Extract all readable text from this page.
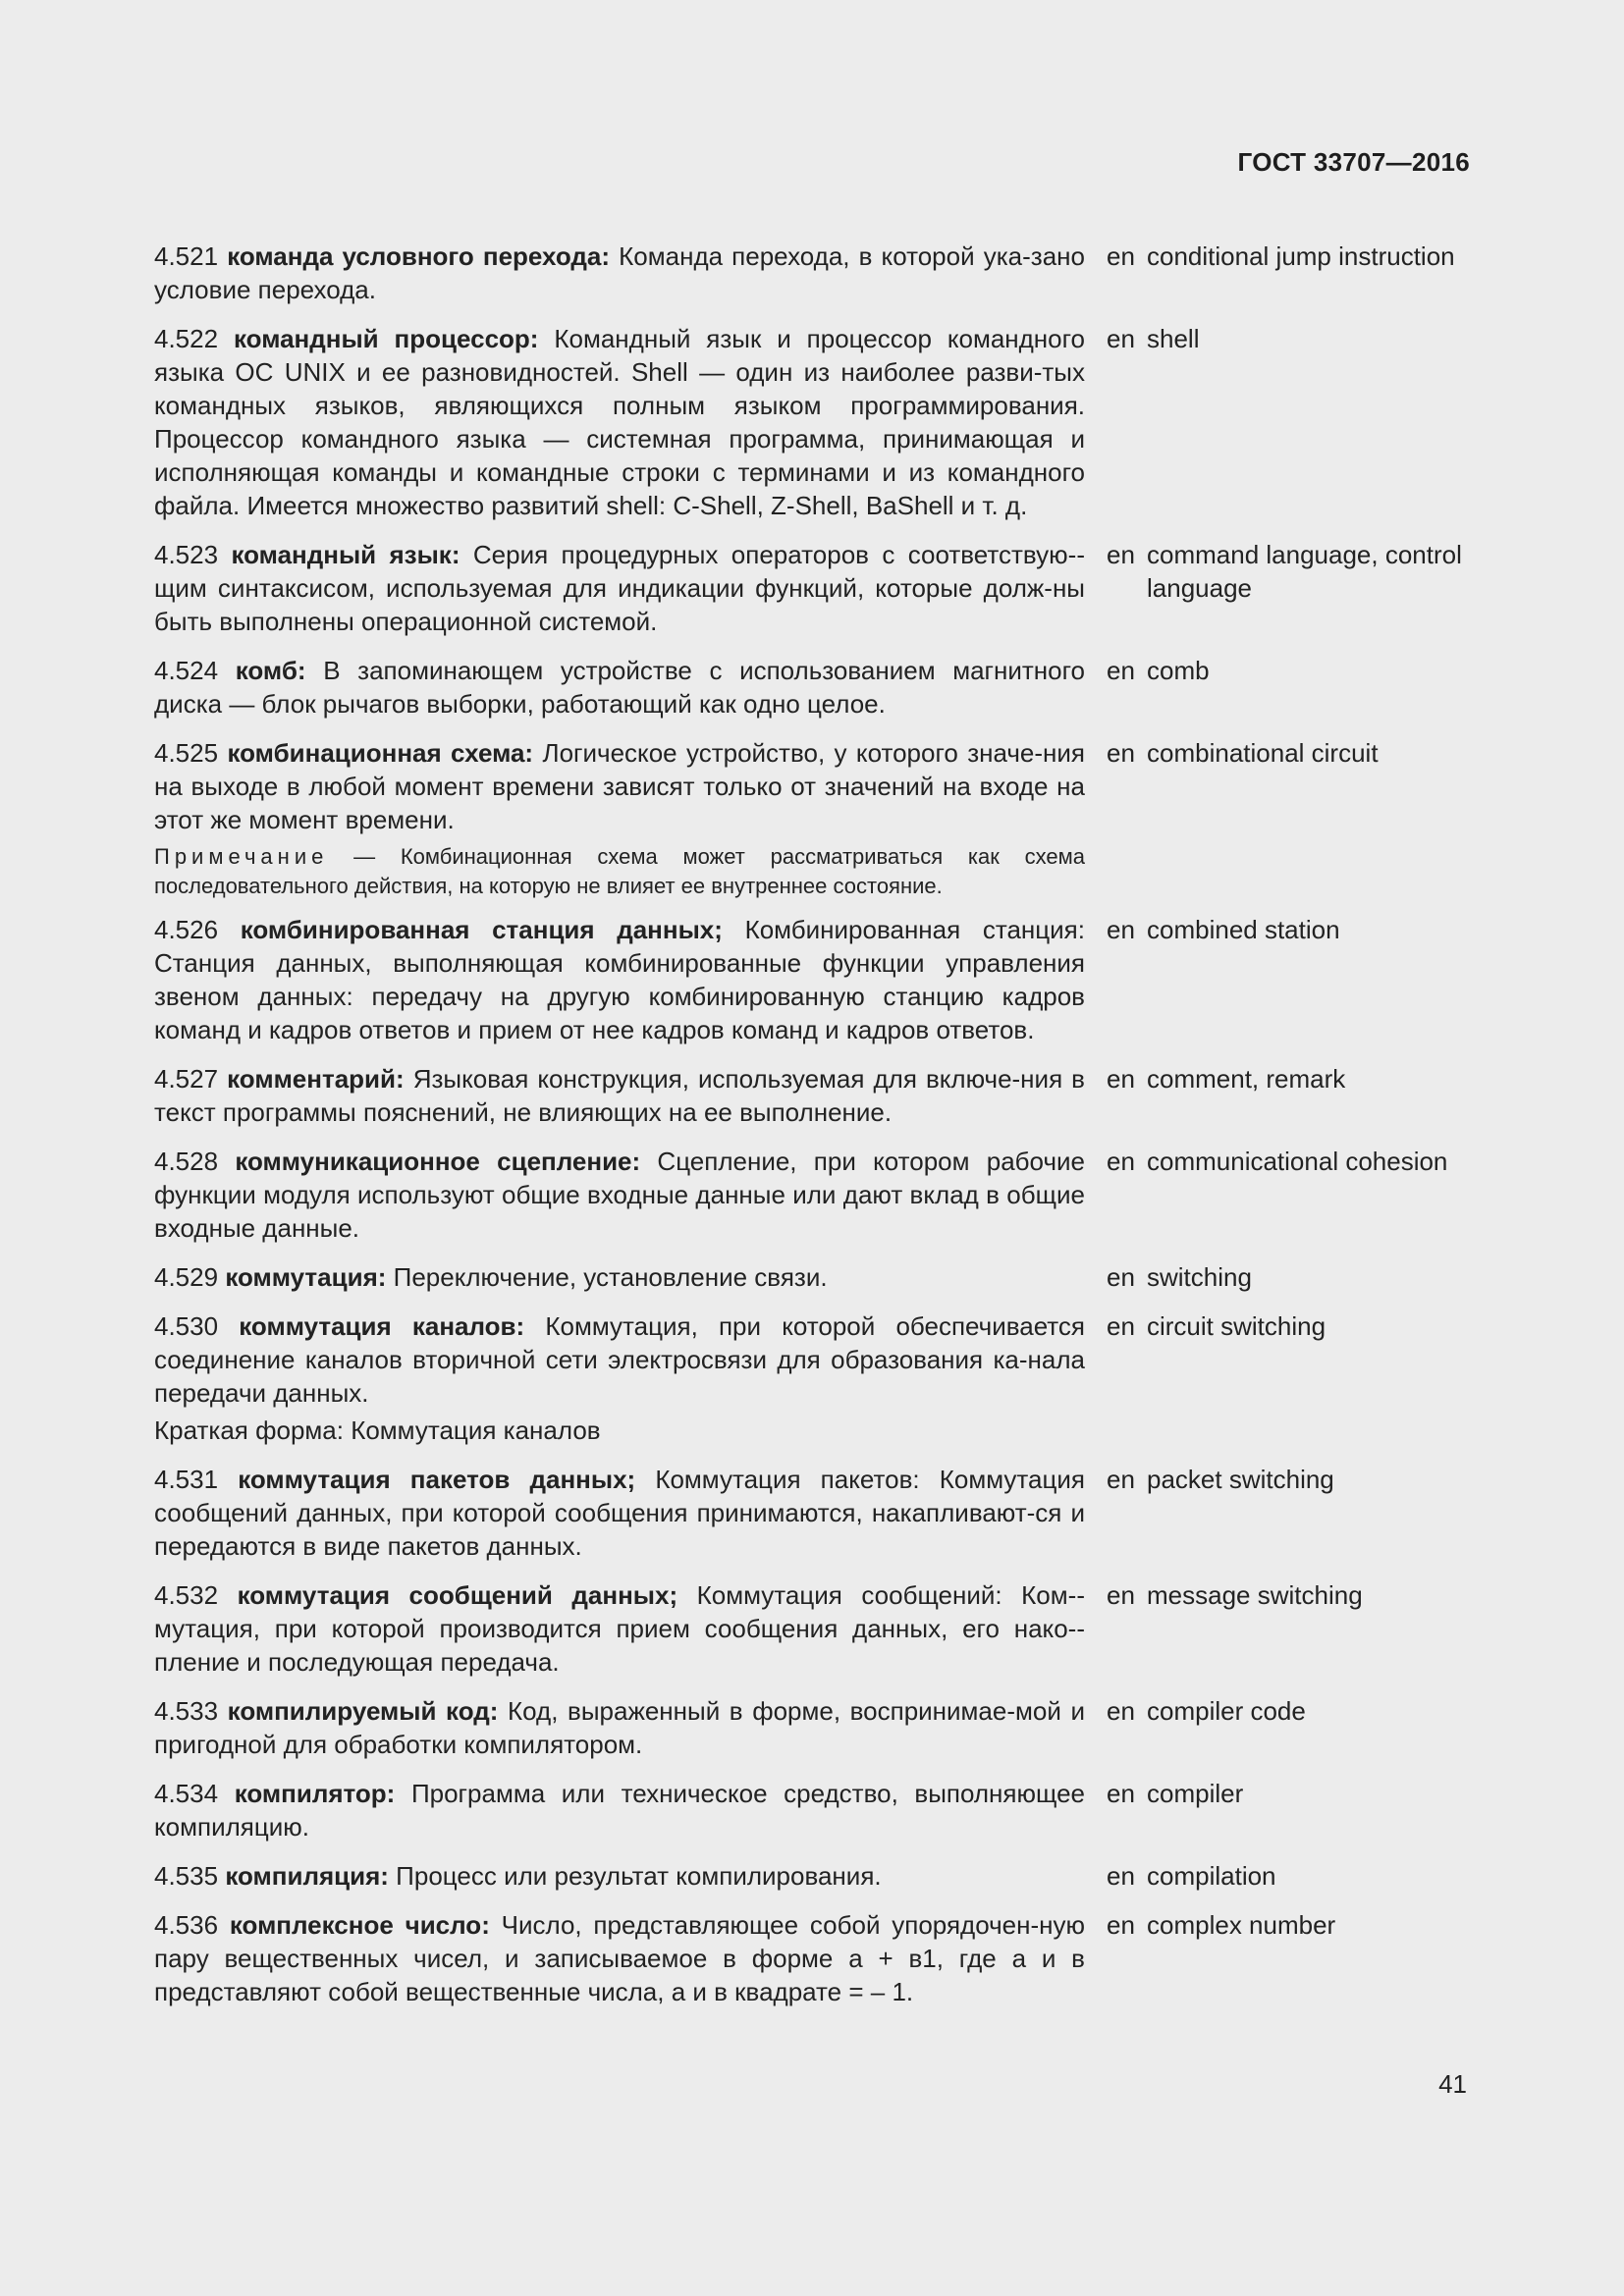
ГОСТ 33707—2016
4.521 команда условного перехода: Команда перехода, в которой ука-зано условие перехода.
en conditional jump instruction
4.522 командный процессор: Командный язык и процессор командного языка ОС UNIX и ее разновидностей. Shell — один из наиболее разви-тых командных языков, являющихся полным языком программирования. Процессор командного языка — системная программа, принимающая и исполняющая команды и командные строки с терминами и из командного файла. Имеется множество развитий shell: C-Shell, Z-Shell, BaShell и т. д.
en shell
4.523 командный язык: Серия процедурных операторов с соответствую-щим синтаксисом, используемая для индикации функций, которые долж-ны быть выполнены операционной системой.
en command language, control language
4.524 комб: В запоминающем устройстве с использованием магнитного диска — блок рычагов выборки, работающий как одно целое.
en comb
4.525 комбинационная схема: Логическое устройство, у которого значе-ния на выходе в любой момент времени зависят только от значений на входе на этот же момент времени.
en combinational circuit
Примечание — Комбинационная схема может рассматриваться как схема последовательного действия, на которую не влияет ее внутреннее состояние.
4.526 комбинированная станция данных; Комбинированная станция: Станция данных, выполняющая комбинированные функции управления звеном данных: передачу на другую комбинированную станцию кадров команд и кадров ответов и прием от нее кадров команд и кадров ответов.
en combined station
4.527 комментарий: Языковая конструкция, используемая для включе-ния в текст программы пояснений, не влияющих на ее выполнение.
en comment, remark
4.528 коммуникационное сцепление: Сцепление, при котором рабочие функции модуля используют общие входные данные или дают вклад в общие входные данные.
en communicational cohesion
4.529 коммутация: Переключение, установление связи.	en switching
4.530 коммутация каналов: Коммутация, при которой обеспечивается соединение каналов вторичной сети электросвязи для образования ка-нала передачи данных.
en circuit switching
Краткая форма: Коммутация каналов
4.531 коммутация пакетов данных; Коммутация пакетов: Коммутация сообщений данных, при которой сообщения принимаются, накапливают-ся и передаются в виде пакетов данных.
en packet switching
4.532 коммутация сообщений данных; Коммутация сообщений: Ком-мутация, при которой производится прием сообщения данных, его нако-пление и последующая передача.
en message switching
4.533 компилируемый код: Код, выраженный в форме, воспринимае-мой и пригодной для обработки компилятором.
en compiler code
4.534 компилятор: Программа или техническое средство, выполняющее компиляцию.
en compiler
4.535 компиляция: Процесс или результат компилирования.	en compilation
4.536 комплексное число: Число, представляющее собой упорядочен-ную пару вещественных чисел, и записываемое в форме а + в1, где а и в представляют собой вещественные числа, а и в квадрате = – 1.
en complex number
41
